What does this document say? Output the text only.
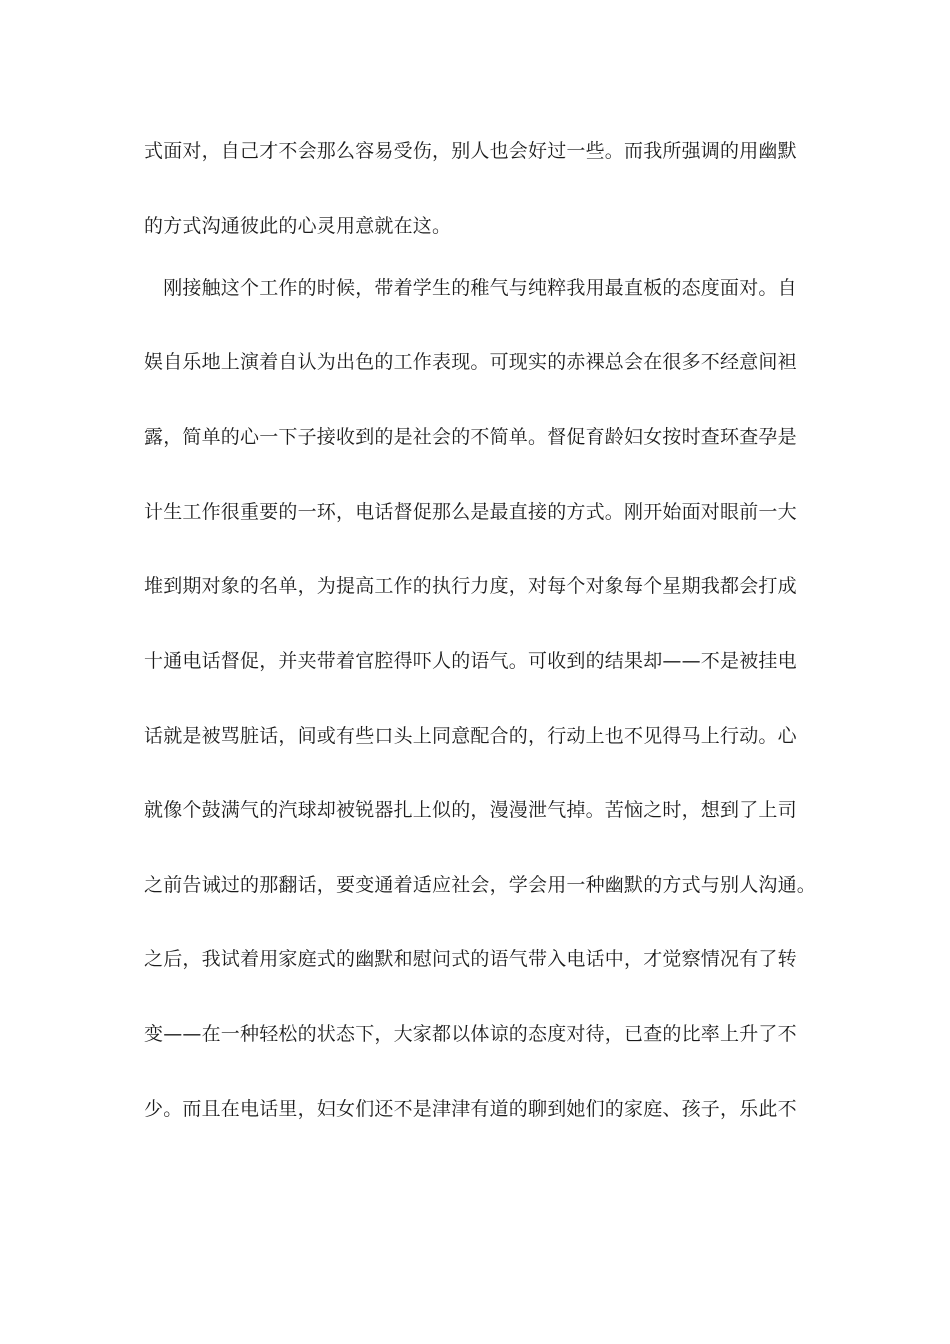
式面对，自己才不会那么容易受伤，别人也会好过一些。而我所强调的用幽默
的方式沟通彼此的心灵用意就在这。
　刚接触这个工作的时候，带着学生的稚气与纯粹我用最直板的态度面对。自
娱自乐地上演着自认为出色的工作表现。可现实的赤裸总会在很多不经意间袒
露，简单的心一下子接收到的是社会的不简单。督促育龄妇女按时查环查孕是
计生工作很重要的一环，电话督促那么是最直接的方式。刚开始面对眼前一大
堆到期对象的名单，为提高工作的执行力度，对每个对象每个星期我都会打成
十通电话督促，并夹带着官腔得吓人的语气。可收到的结果却——不是被挂电
话就是被骂脏话，间或有些口头上同意配合的，行动上也不见得马上行动。心
就像个鼓满气的汽球却被锐器扎上似的，漫漫泄气掉。苦恼之时，想到了上司
之前告诫过的那翻话，要变通着适应社会，学会用一种幽默的方式与别人沟通。
之后，我试着用家庭式的幽默和慰问式的语气带入电话中，才觉察情况有了转
变——在一种轻松的状态下，大家都以体谅的态度对待，已查的比率上升了不
少。而且在电话里，妇女们还不是津津有道的聊到她们的家庭、孩子，乐此不
